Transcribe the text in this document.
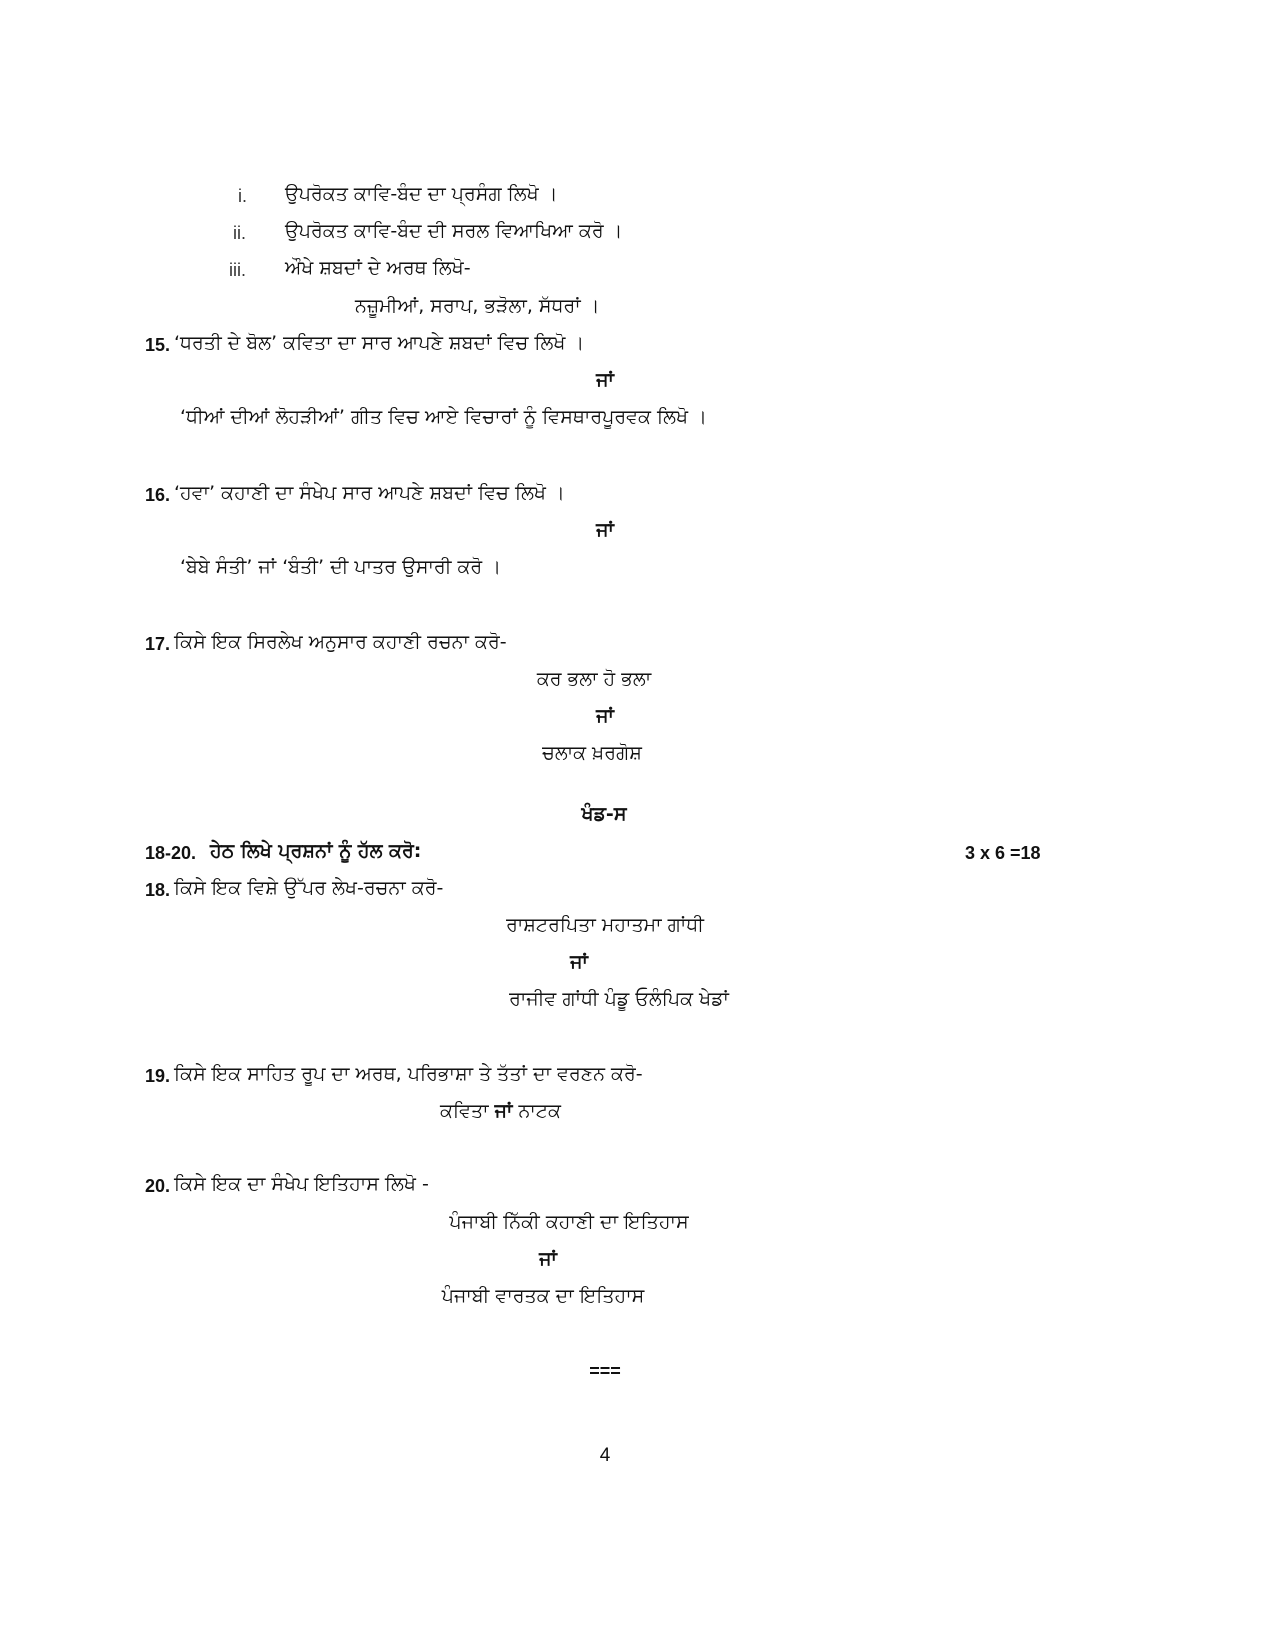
i. ਉਪਰੋਕਤ ਕਾਵਿ-ਬੰਦ ਦਾ ਪ੍ਰਸੰਗ ਲਿਖੋ ।
ii. ਉਪਰੋਕਤ ਕਾਵਿ-ਬੰਦ ਦੀ ਸਰਲ ਵਿਆਖਿਆ ਕਰੋ ।
iii. ਔਖੇ ਸ਼ਬਦਾਂ ਦੇ ਅਰਥ ਲਿਖੋ-
ਨਜ਼ੂਮੀਆਂ, ਸਰਾਪ, ਭੜੋਲਾ, ਸੱਧਰਾਂ ।
15. ‘ਧਰਤੀ ਦੇ ਬੋਲ’ ਕਵਿਤਾ ਦਾ ਸਾਰ ਆਪਣੇ ਸ਼ਬਦਾਂ ਵਿਚ ਲਿਖੋ ।
ਜਾਂ
‘ਧੀਆਂ ਦੀਆਂ ਲੋਹੜੀਆਂ’ ਗੀਤ ਵਿਚ ਆਏ ਵਿਚਾਰਾਂ ਨੂੰ ਵਿਸਥਾਰਪੂਰਵਕ ਲਿਖੋ ।
16. ‘ਹਵਾ’ ਕਹਾਣੀ ਦਾ ਸੰਖੇਪ ਸਾਰ ਆਪਣੇ ਸ਼ਬਦਾਂ ਵਿਚ ਲਿਖੋ ।
ਜਾਂ
‘ਬੇਬੇ ਸੰਤੀ’ ਜਾਂ ‘ਬੰਤੀ’ ਦੀ ਪਾਤਰ ਉਸਾਰੀ ਕਰੋ ।
17. ਕਿਸੇ ਇਕ ਸਿਰਲੇਖ ਅਨੁਸਾਰ ਕਹਾਣੀ ਰਚਨਾ ਕਰੋ-
ਕਰ ਭਲਾ ਹੋ ਭਲਾ
ਜਾਂ
ਚਲਾਕ ਖ਼ਰਗੋਸ਼
ਖੰਡ-ਸ
18-20. ਹੇਠ ਲਿਖੇ ਪ੍ਰਸ਼ਨਾਂ ਨੂੰ ਹੱਲ ਕਰੋ:	3 x 6 =18
18. ਕਿਸੇ ਇਕ ਵਿਸ਼ੇ ਉੱਪਰ ਲੇਖ-ਰਚਨਾ ਕਰੋ-
ਰਾਸ਼ਟਰਪਿਤਾ ਮਹਾਤਮਾ ਗਾਂਧੀ
ਜਾਂ
ਰਾਜੀਵ ਗਾਂਧੀ ਪੰਡੂ ਓਲੰਪਿਕ ਖੇਡਾਂ
19. ਕਿਸੇ ਇਕ ਸਾਹਿਤ ਰੂਪ ਦਾ ਅਰਥ, ਪਰਿਭਾਸ਼ਾ ਤੇ ਤੱਤਾਂ ਦਾ ਵਰਣਨ ਕਰੋ-
ਕਵਿਤਾ ਜਾਂ ਨਾਟਕ
20. ਕਿਸੇ ਇਕ ਦਾ ਸੰਖੇਪ ਇਤਿਹਾਸ ਲਿਖੋ -
ਪੰਜਾਬੀ ਨਿੱਕੀ ਕਹਾਣੀ ਦਾ ਇਤਿਹਾਸ
ਜਾਂ
ਪੰਜਾਬੀ ਵਾਰਤਕ ਦਾ ਇਤਿਹਾਸ
===
4
